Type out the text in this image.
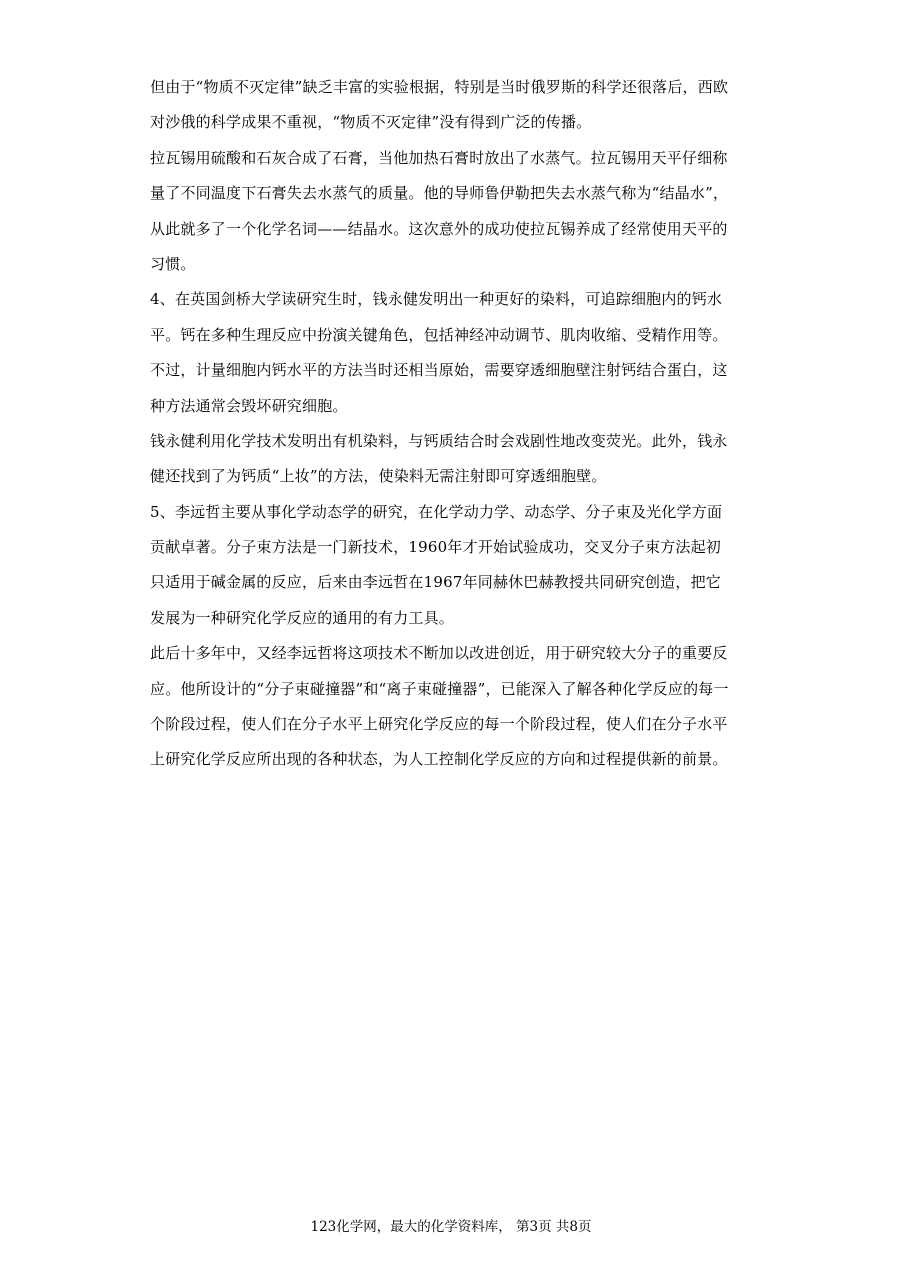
但由于“物质不灭定律”缺乏丰富的实验根据，特别是当时俄罗斯的科学还很落后，西欧
对沙俄的科学成果不重视，“物质不灭定律”没有得到广泛的传播。

拉瓦锡用硫酸和石灰合成了石膏，当他加热石膏时放出了水蒸气。拉瓦锡用天平仔细称
量了不同温度下石膏失去水蒸气的质量。他的导师鲁伊勒把失去水蒸气称为“结晶水”，
从此就多了一个化学名词——结晶水。这次意外的成功使拉瓦锡养成了经常使用天平的
习惯。

4、在英国剑桥大学读研究生时，钱永健发明出一种更好的染料，可追踪细胞内的钙水
平。钙在多种生理反应中扮演关键角色，包括神经冲动调节、肌肉收缩、受精作用等。
不过，计量细胞内钙水平的方法当时还相当原始，需要穿透细胞壁注射钙结合蛋白，这
种方法通常会毁坏研究细胞。

钱永健利用化学技术发明出有机染料，与钙质结合时会戏剧性地改变荧光。此外，钱永
健还找到了为钙质“上妆”的方法，使染料无需注射即可穿透细胞壁。

5、李远哲主要从事化学动态学的研究，在化学动力学、动态学、分子束及光化学方面
贡献卓著。分子束方法是一门新技术，1960年才开始试验成功，交叉分子束方法起初
只适用于碱金属的反应，后来由李远哲在1967年同赫休巴赫教授共同研究创造，把它
发展为一种研究化学反应的通用的有力工具。

此后十多年中，又经李远哲将这项技术不断加以改进创近，用于研究较大分子的重要反
应。他所设计的“分子束碰撞器”和“离子束碰撞器”，已能深入了解各种化学反应的每一
个阶段过程，使人们在分子水平上研究化学反应的每一个阶段过程，使人们在分子水平
上研究化学反应所出现的各种状态，为人工控制化学反应的方向和过程提供新的前景。

123化学网，最大的化学资料库， 第3页 共8页
